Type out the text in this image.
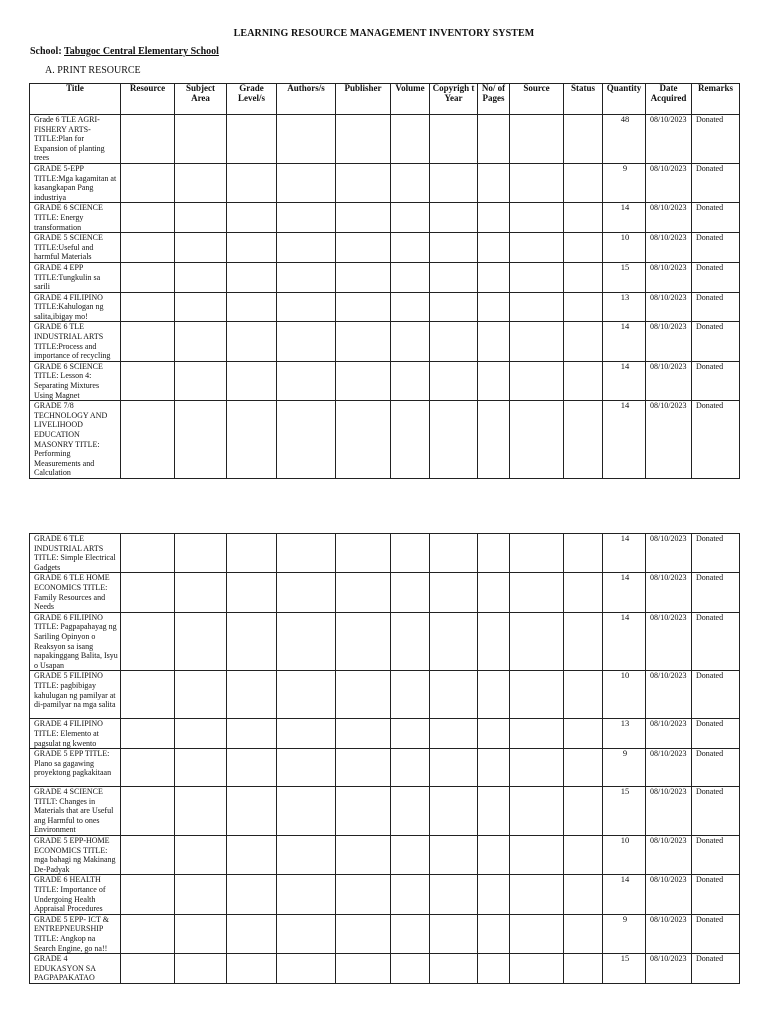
LEARNING RESOURCE MANAGEMENT INVENTORY SYSTEM
School: Tabugoc Central Elementary School
A. PRINT RESOURCE
Title	Resource	Subject Area	Grade Level/s	Authors/s	Publisher	Volume	Copyrigh t Year	No/ of Pages	Source	Status	Quantity	Date Acquired	Remarks
Grade 6 TLE AGRI-FISHERY ARTS-TITLE:Plan for Expansion of planting trees											48	08/10/2023	Donated
GRADE 5-EPP TITLE:Mga kagamitan at kasangkapan Pang industriya											9	08/10/2023	Donated
GRADE 6 SCIENCE TITLE: Energy transformation											14	08/10/2023	Donated
GRADE 5 SCIENCE TITLE:Useful and harmful Materials											10	08/10/2023	Donated
GRADE 4 EPP TITLE:Tungkulin sa sarili											15	08/10/2023	Donated
GRADE 4 FILIPINO TITLE:Kahulogan ng salita,ibigay mo!											13	08/10/2023	Donated
GRADE 6 TLE INDUSTRIAL ARTS TITLE:Process and importance of recycling											14	08/10/2023	Donated
GRADE 6 SCIENCE TITLE: Lesson 4: Separating Mixtures Using Magnet											14	08/10/2023	Donated
GRADE 7/8 TECHNOLOGY AND LIVELIHOOD EDUCATION MASONRY TITLE: Performing Measurements and Calculation											14	08/10/2023	Donated
GRADE 6 TLE INDUSTRIAL ARTS TITLE: Simple Electrical Gadgets											14	08/10/2023	Donated
GRADE 6 TLE HOME ECONOMICS TITLE: Family Resources and Needs											14	08/10/2023	Donated
GRADE 6 FILIPINO TITLE: Pagpapahayag ng Sariling Opinyon o Reaksyon sa isang napakinggang Balita, Isyu o Usapan											14	08/10/2023	Donated
GRADE 5 FILIPINO TITLE: pagbibigay kahulugan ng pamilyar at di-pamilyar na mga salita											10	08/10/2023	Donated
GRADE 4 FILIPINO TITLE: Elemento at pagsulat ng kwento											13	08/10/2023	Donated
GRADE 5 EPP TITLE: Plano sa gagawing proyektong pagkakitaan											9	08/10/2023	Donated
GRADE 4 SCIENCE TITLT: Changes in Materials that are Useful ang Harmful to ones Environment											15	08/10/2023	Donated
GRADE 5 EPP-HOME ECONOMICS TITLE: mga bahagi ng Makinang De-Padyak											10	08/10/2023	Donated
GRADE 6 HEALTH TITLE: Importance of Undergoing Health Appraisal Procedures											14	08/10/2023	Donated
GRADE 5 EPP- ICT & ENTREPNEURSHIP TITLE: Angkop na Search Engine, go na!!											9	08/10/2023	Donated
GRADE 4 EDUKASYON SA PAGPAPAKATAO											15	08/10/2023	Donated
